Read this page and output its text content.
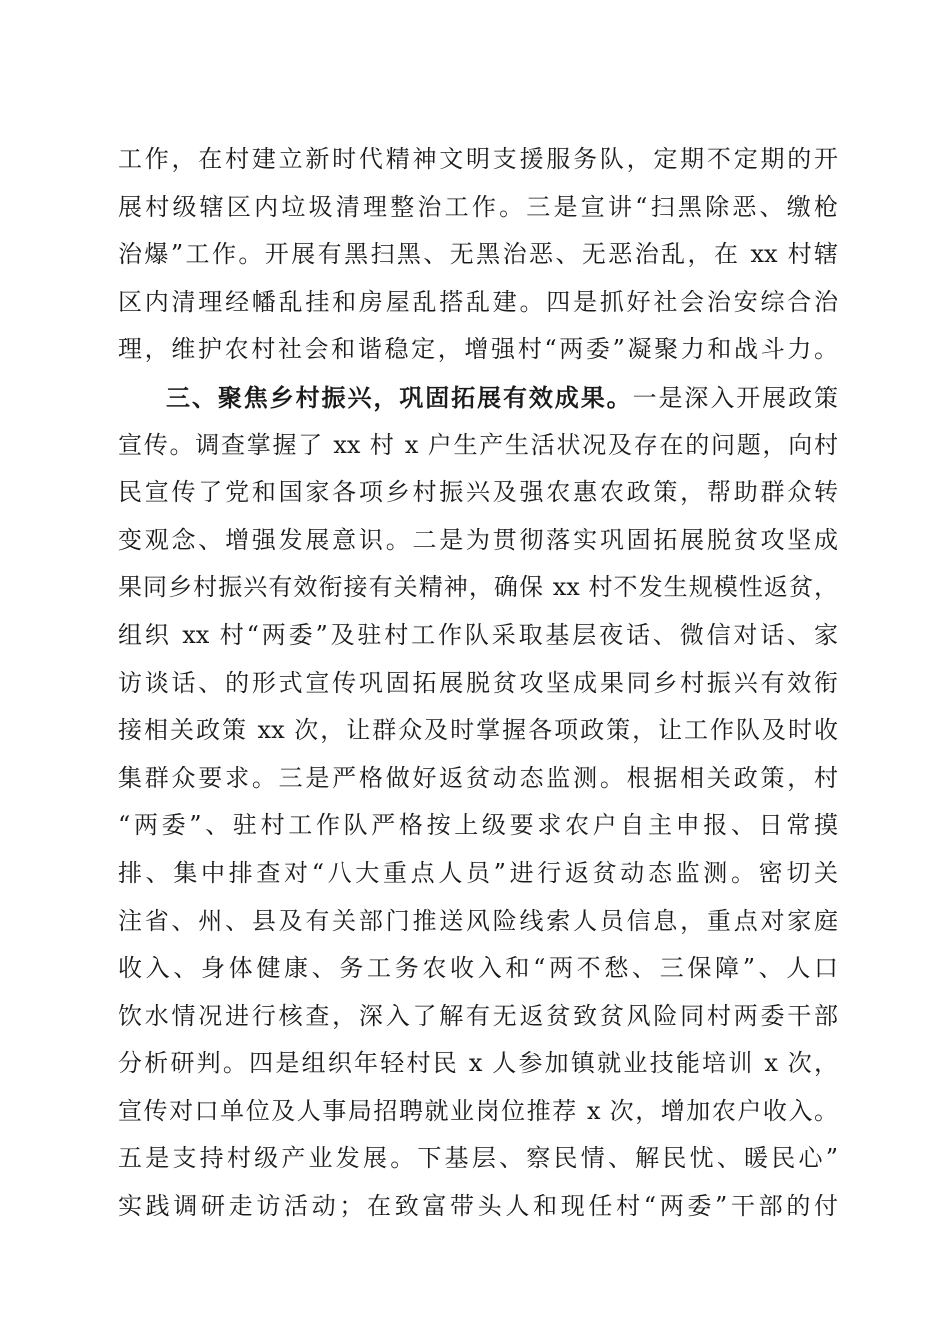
工作，在村建立新时代精神文明支援服务队，定期不定期的开
展村级辖区内垃圾清理整治工作。三是宣讲“扫黑除恶、缴枪
治爆”工作。开展有黑扫黑、无黑治恶、无恶治乱，在 xx 村辖
区内清理经幡乱挂和房屋乱搭乱建。四是抓好社会治安综合治
理，维护农村社会和谐稳定，增强村“两委”凝聚力和战斗力。
三、聚焦乡村振兴，巩固拓展有效成果。一是深入开展政策
宣传。调查掌握了 xx 村 x 户生产生活状况及存在的问题，向村
民宣传了党和国家各项乡村振兴及强农惠农政策，帮助群众转
变观念、增强发展意识。二是为贯彻落实巩固拓展脱贫攻坚成
果同乡村振兴有效衔接有关精神，确保 xx 村不发生规模性返贫，
组织 xx 村“两委”及驻村工作队采取基层夜话、微信对话、家
访谈话、的形式宣传巩固拓展脱贫攻坚成果同乡村振兴有效衔
接相关政策 xx 次，让群众及时掌握各项政策，让工作队及时收
集群众要求。三是严格做好返贫动态监测。根据相关政策，村
“两委”、驻村工作队严格按上级要求农户自主申报、日常摸
排、集中排查对“八大重点人员”进行返贫动态监测。密切关
注省、州、县及有关部门推送风险线索人员信息，重点对家庭
收入、身体健康、务工务农收入和“两不愁、三保障”、人口
饮水情况进行核查，深入了解有无返贫致贫风险同村两委干部
分析研判。四是组织年轻村民 x 人参加镇就业技能培训 x 次，
宣传对口单位及人事局招聘就业岗位推荐 x 次，增加农户收入。
五是支持村级产业发展。下基层、察民情、解民忧、暖民心”
实践调研走访活动；在致富带头人和现任村“两委”干部的付
